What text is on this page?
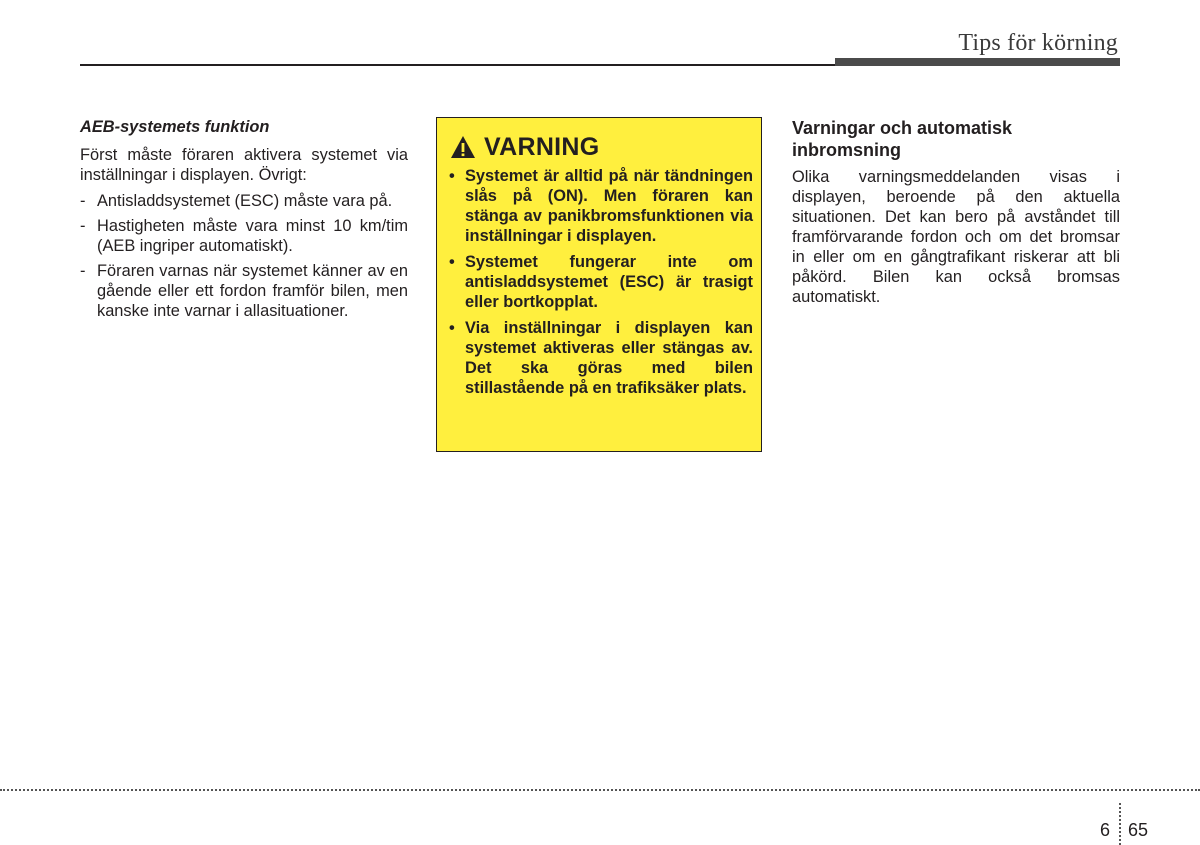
Tips för körning
AEB-systemets funktion

Först måste föraren aktivera systemet via inställningar i displayen. Övrigt:

- Antisladdsystemet (ESC) måste vara på.
- Hastigheten måste vara minst 10 km/tim (AEB ingriper automatiskt).
- Föraren varnas när systemet känner av en gående eller ett fordon framför bilen, men kanske inte varnar i allasituationer.
VARNING
• Systemet är alltid på när tändningen slås på (ON). Men föraren kan stänga av panikbromsfunktionen via inställningar i displayen.
• Systemet fungerar inte om antisladdsystemet (ESC) är trasigt eller bortkopplat.
• Via inställningar i displayen kan systemet aktiveras eller stängas av. Det ska göras med bilen stillastående på en trafiksäker plats.
Varningar och automatisk inbromsning

Olika varningsmeddelanden visas i displayen, beroende på den aktuella situationen. Det kan bero på avståndet till framförvarande fordon och om det bromsar in eller om en gångtrafikant riskerar att bli påkörd. Bilen kan också bromsas automatiskt.

6 65
